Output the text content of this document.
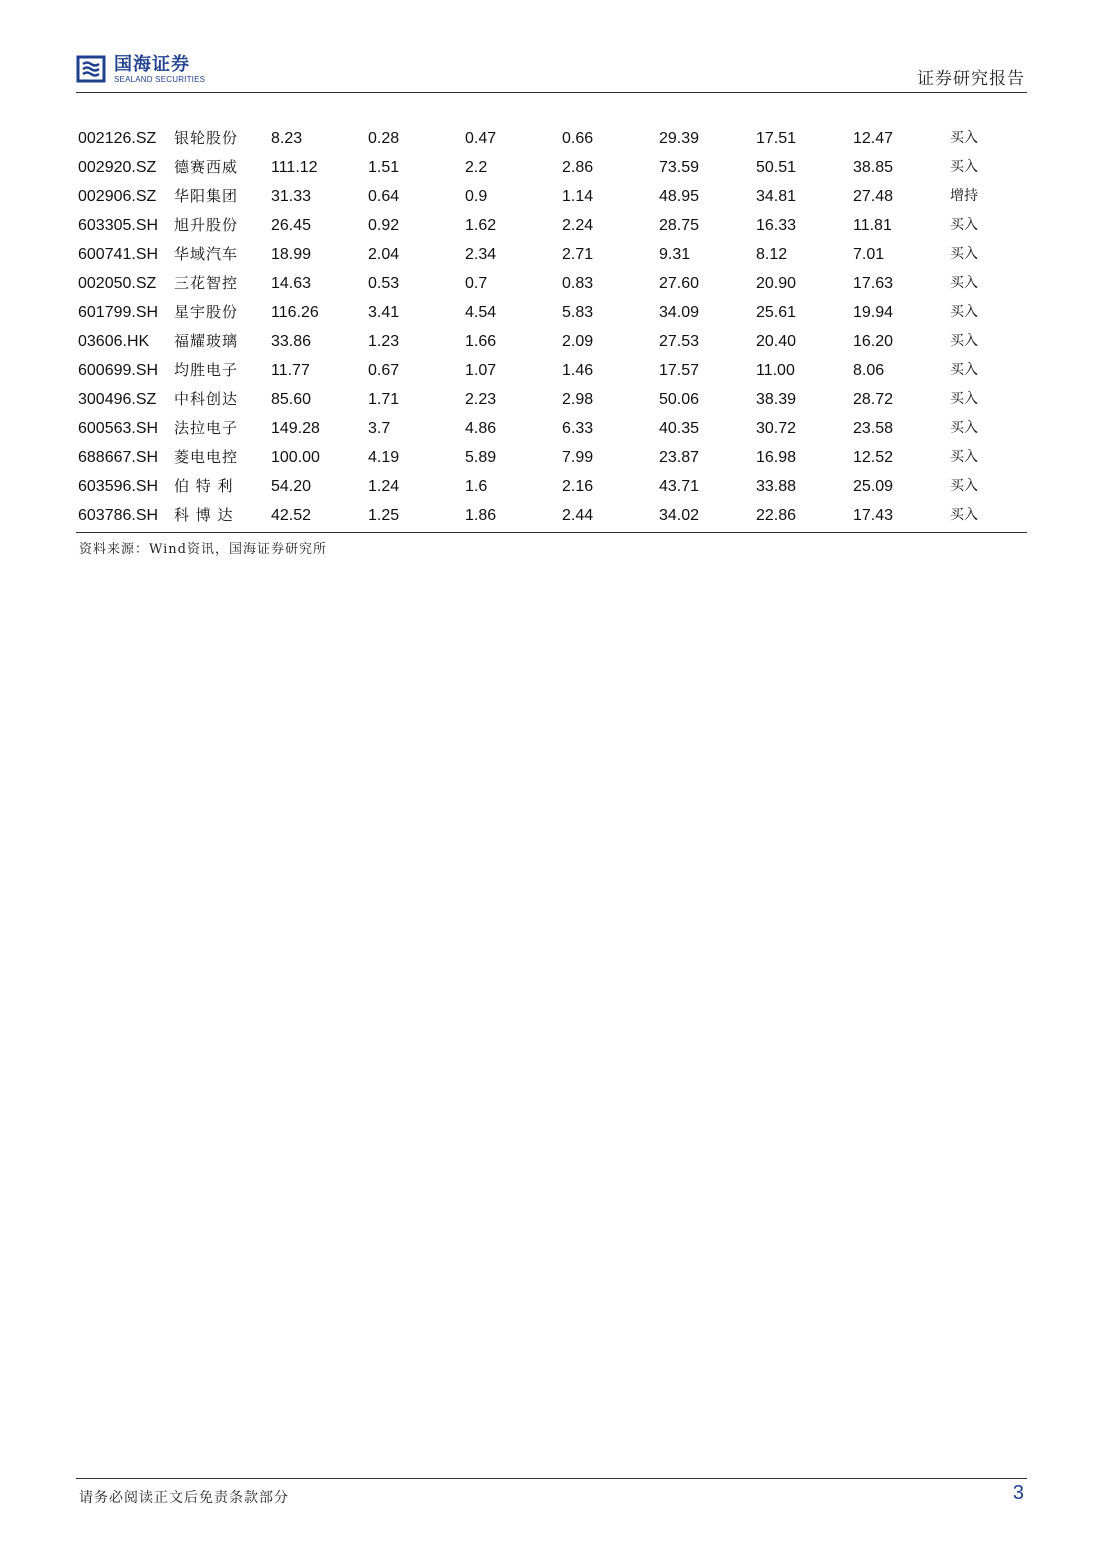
国海证券
SEALAND SECURITIES	证券研究报告
002126.SZ	银轮股份	8.23	0.28	0.47	0.66	29.39	17.51	12.47	买入
002920.SZ	德赛西威	111.12	1.51	2.2	2.86	73.59	50.51	38.85	买入
002906.SZ	华阳集团	31.33	0.64	0.9	1.14	48.95	34.81	27.48	增持
603305.SH	旭升股份	26.45	0.92	1.62	2.24	28.75	16.33	11.81	买入
600741.SH	华域汽车	18.99	2.04	2.34	2.71	9.31	8.12	7.01	买入
002050.SZ	三花智控	14.63	0.53	0.7	0.83	27.60	20.90	17.63	买入
601799.SH	星宇股份	116.26	3.41	4.54	5.83	34.09	25.61	19.94	买入
03606.HK	福耀玻璃	33.86	1.23	1.66	2.09	27.53	20.40	16.20	买入
600699.SH	均胜电子	11.77	0.67	1.07	1.46	17.57	11.00	8.06	买入
300496.SZ	中科创达	85.60	1.71	2.23	2.98	50.06	38.39	28.72	买入
600563.SH	法拉电子	149.28	3.7	4.86	6.33	40.35	30.72	23.58	买入
688667.SH	菱电电控	100.00	4.19	5.89	7.99	23.87	16.98	12.52	买入
603596.SH	伯 特 利	54.20	1.24	1.6	2.16	43.71	33.88	25.09	买入
603786.SH	科 博 达	42.52	1.25	1.86	2.44	34.02	22.86	17.43	买入
资料来源：Wind资讯，国海证券研究所
请务必阅读正文后免责条款部分	3
